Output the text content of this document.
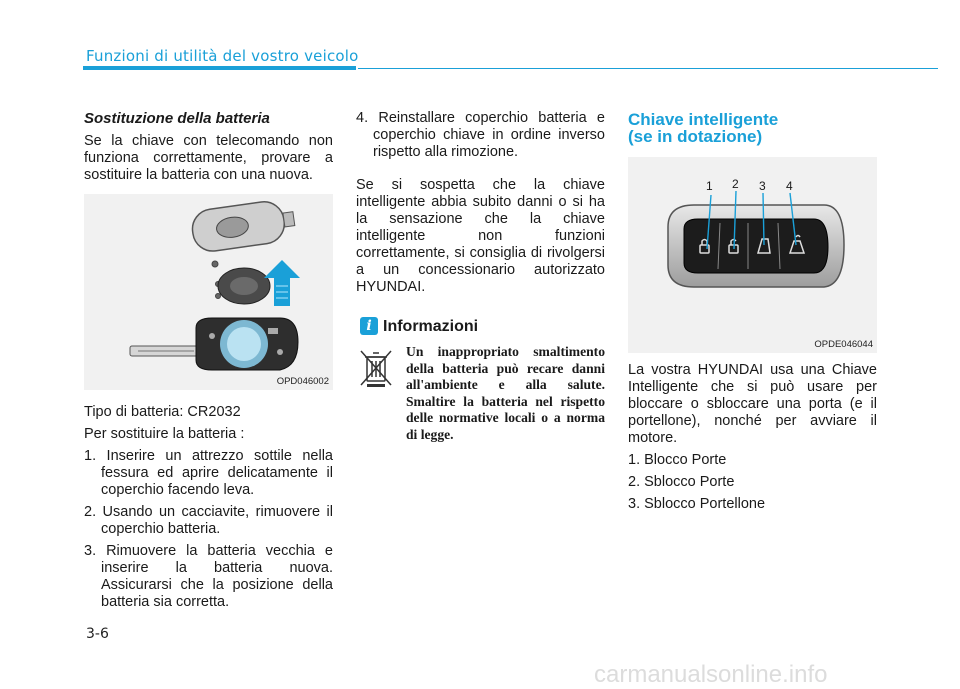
Funzioni di utilità del vostro veicolo

Sostituzione della batteria

Se la chiave con telecomando non funziona correttamente, provare a sostituire la batteria con una nuova.

OPD046002

Tipo di batteria: CR2032

Per sostituire la batteria :

1. Inserire un attrezzo sottile nella fessura ed aprire delicatamente il coperchio facendo leva.

2. Usando un cacciavite, rimuovere il coperchio batteria.

3. Rimuovere la batteria vecchia e inserire la batteria nuova. Assicurarsi che la posizione della batteria sia corretta.

4. Reinstallare coperchio batteria e coperchio chiave in ordine inverso rispetto alla rimozione.

Se si sospetta che la chiave intelligente abbia subito danni o si ha la sensazione che la chiave intelligente non funzioni correttamente, si consiglia di rivolgersi a un concessionario autorizzato HYUNDAI.

i Informazioni
Un inappropriato smaltimento della batteria può recare danni all'ambiente e alla salute. Smaltire la batteria nel rispetto delle normative locali o a norma di legge.
Chiave intelligente
(se in dotazione)
1 2 3 4
OPDE046044

La vostra HYUNDAI usa una Chiave Intelligente che si può usare per bloccare o sbloccare una porta (e il portellone), nonché per avviare il motore.

1. Blocco Porte

2. Sblocco Porte

3. Sblocco Portellone

3-6
carmanualsonline.info
